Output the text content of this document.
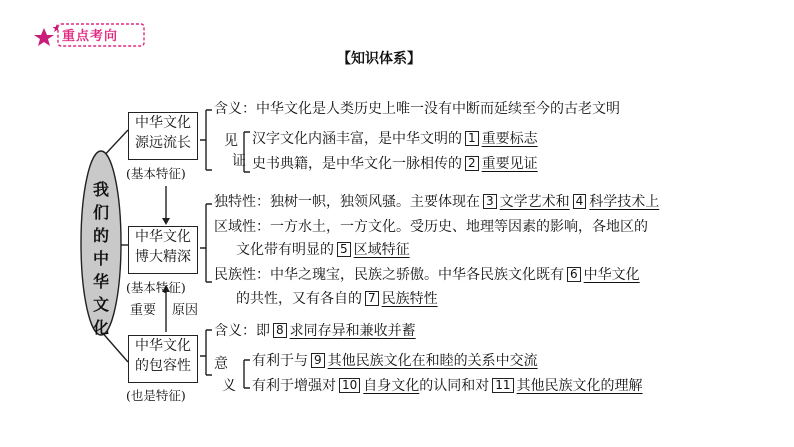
重点考向
【知识体系】
我们的中华文化
中华文化
源远流长
(基本特征)
中华文化
博大精深
(基本特征)
重要 原因
中华文化
的包容性
(也是特征)
含义：中华文化是人类历史上唯一没有中断而延续至今的古老文明
见
证
汉字文化内涵丰富，是中华文明的 1 重要标志
史书典籍，是中华文化一脉相传的 2 重要见证
独特性：独树一帜，独领风骚。主要体现在 3 文学艺术和 4 科学技术上
区域性：一方水土，一方文化。受历史、地理等因素的影响，各地区的
文化带有明显的 5 区域特征
民族性：中华之瑰宝，民族之骄傲。中华各民族文化既有 6 中华文化
的共性，又有各自的 7 民族特性
含义：即 8 求同存异和兼收并蓄
意
义
有利于与 9 其他民族文化在和睦的关系中交流
有利于增强对 10 自身文化的认同和对 11 其他民族文化的理解
